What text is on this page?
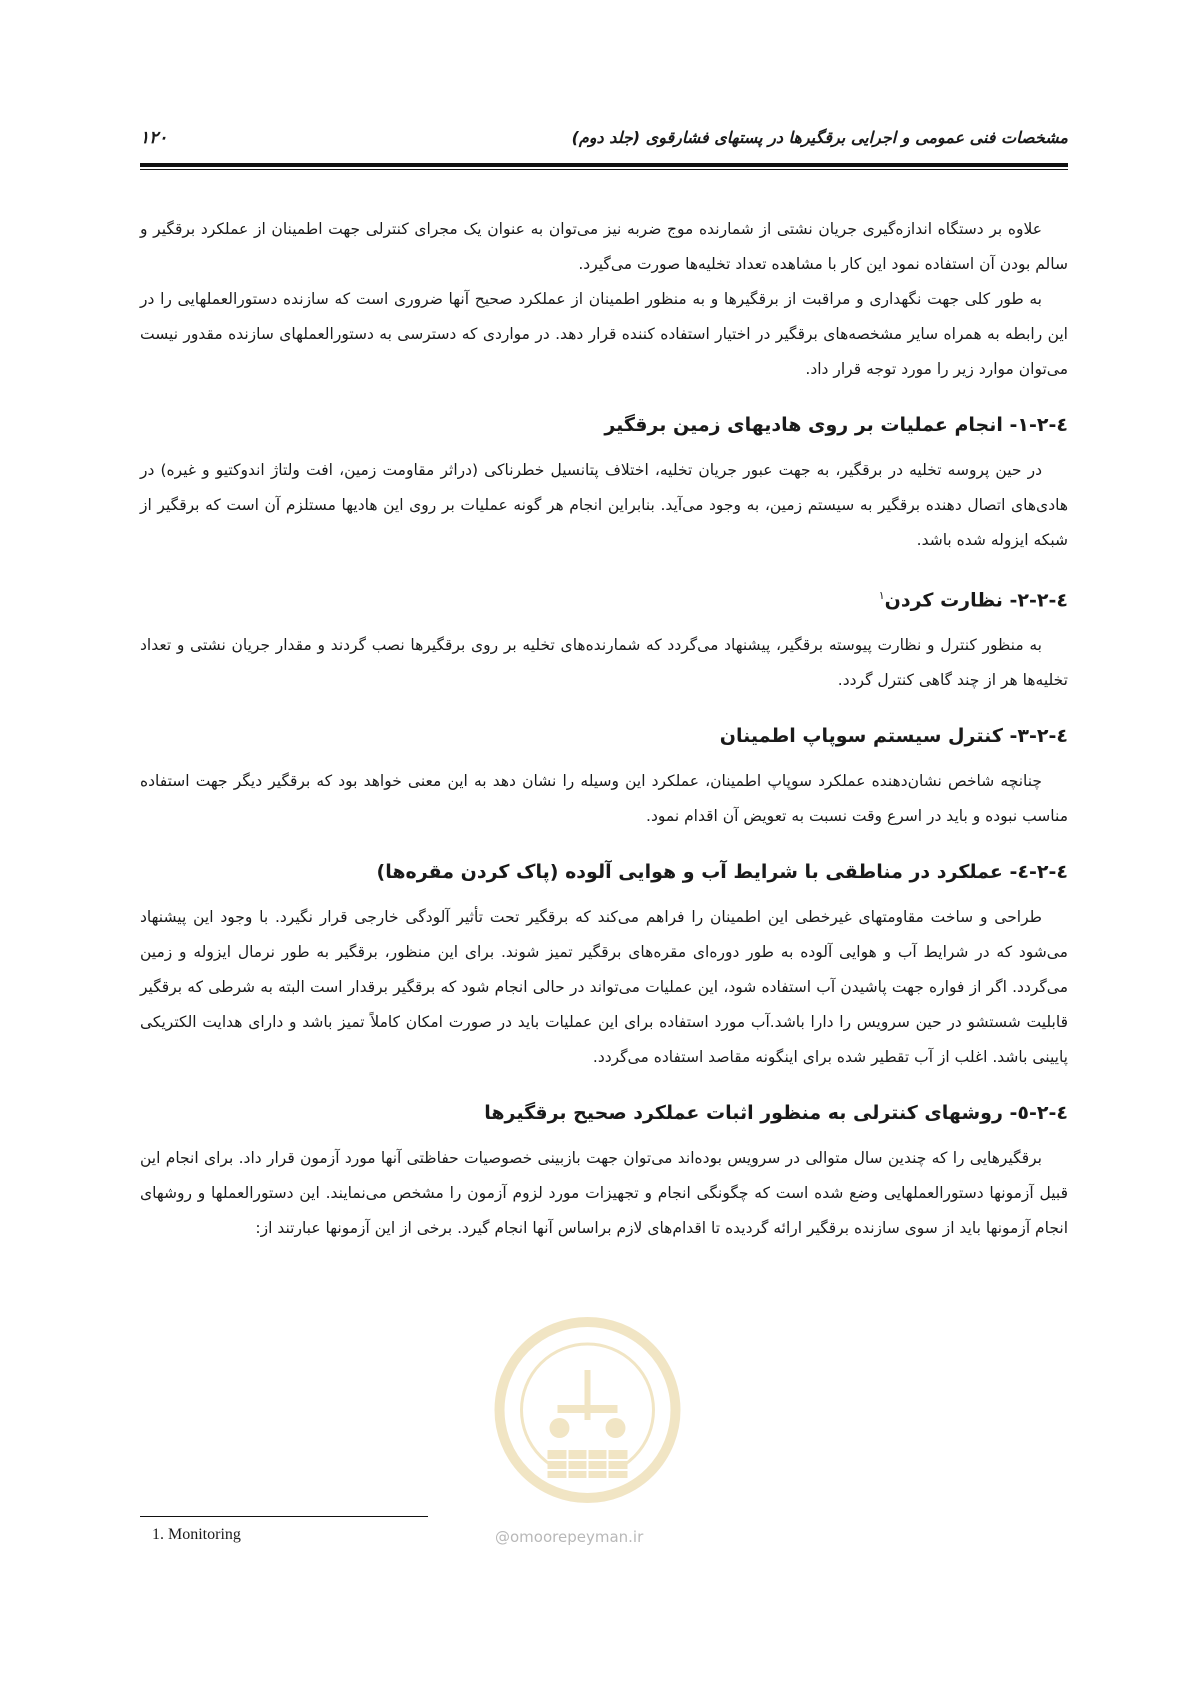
۱۲۰	مشخصات فنی عمومی و اجرایی برقگیرها در پستهای فشارقوی (جلد دوم)

علاوه بر دستگاه اندازه‌گیری جریان نشتی از شمارنده موج ضربه نیز می‌توان به عنوان یک مجرای کنترلی جهت اطمینان از عملکرد برقگیر و سالم بودن آن استفاده نمود این کار با مشاهده تعداد تخلیه‌ها صورت می‌گیرد.

به طور کلی جهت نگهداری و مراقبت از برقگیرها و به منظور اطمینان از عملکرد صحیح آنها ضروری است که سازنده دستورالعملهایی را در این رابطه به همراه سایر مشخصه‌های برقگیر در اختیار استفاده کننده قرار دهد. در مواردی که دسترسی به دستورالعملهای سازنده مقدور نیست می‌توان موارد زیر را مورد توجه قرار داد.

٤-٢-١- انجام عملیات بر روی هادیهای زمین برقگیر

در حین پروسه تخلیه در برقگیر، به جهت عبور جریان تخلیه، اختلاف پتانسیل خطرناکی (دراثر مقاومت زمین، افت ولتاژ اندوکتیو و غیره) در هادی‌های اتصال دهنده برقگیر به سیستم زمین، به وجود می‌آید. بنابراین انجام هر گونه عملیات بر روی این هادیها مستلزم آن است که برقگیر از شبکه ایزوله شده باشد.

٤-٢-٢- نظارت کردن$^١$

به منظور کنترل و نظارت پیوسته برقگیر، پیشنهاد می‌گردد که شمارنده‌های تخلیه بر روی برقگیرها نصب گردند و مقدار جریان نشتی و تعداد تخلیه‌ها هر از چند گاهی کنترل گردد.

٤-٢-٣- کنترل سیستم سوپاپ اطمینان

چنانچه شاخص نشان‌دهنده عملکرد سوپاپ اطمینان، عملکرد این وسیله را نشان دهد به این معنی خواهد بود که برقگیر دیگر جهت استفاده مناسب نبوده و باید در اسرع وقت نسبت به تعویض آن اقدام نمود.

٤-٢-٤- عملکرد در مناطقی با شرایط آب و هوایی آلوده (پاک کردن مقره‌ها)

طراحی و ساخت مقاومتهای غیرخطی این اطمینان را فراهم می‌کند که برقگیر تحت تأثیر آلودگی خارجی قرار نگیرد. با وجود این پیشنهاد می‌شود که در شرایط آب و هوایی آلوده به طور دوره‌ای مقره‌های برقگیر تمیز شوند. برای این منظور، برقگیر به طور نرمال ایزوله و زمین می‌گردد. اگر از فواره جهت پاشیدن آب استفاده شود، این عملیات می‌تواند در حالی انجام شود که برقگیر برقدار است البته به شرطی که برقگیر قابلیت شستشو در حین سرویس را دارا باشد.آب مورد استفاده برای این عملیات باید در صورت امکان کاملاً تمیز باشد و دارای هدایت الکتریکی پایینی باشد. اغلب از آب تقطیر شده برای اینگونه مقاصد استفاده می‌گردد.

٤-٢-٥- روشهای کنترلی به منظور اثبات عملکرد صحیح برقگیرها

برقگیرهایی را که چندین سال متوالی در سرویس بوده‌اند می‌توان جهت بازبینی خصوصیات حفاظتی آنها مورد آزمون قرار داد. برای انجام این قبیل آزمونها دستورالعملهایی وضع شده است که چگونگی انجام و تجهیزات مورد لزوم آزمون را مشخص می‌نمایند. این دستورالعملها و روشهای انجام آزمونها باید از سوی سازنده برقگیر ارائه گردیده تا اقدام‌های لازم براساس آنها انجام گیرد. برخی از این آزمونها عبارتند از:

@omoorepeyman.ir
1. Monitoring
